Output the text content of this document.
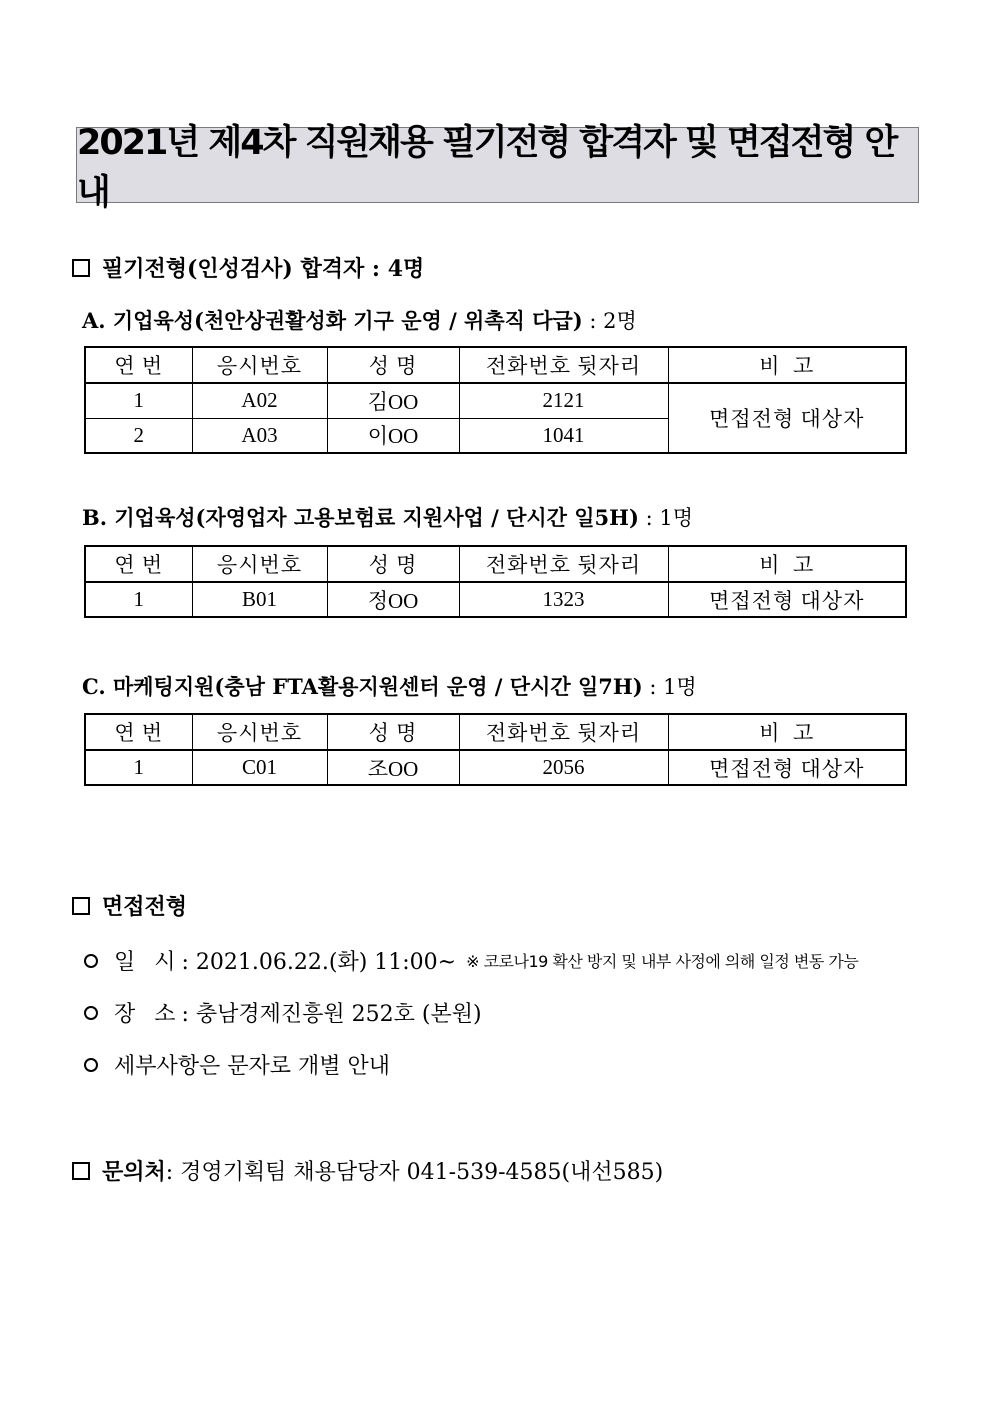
2021년 제4차 직원채용 필기전형 합격자 및 면접전형 안내
필기전형(인성검사) 합격자 : 4명
A. 기업육성(천안상권활성화 기구 운영 / 위촉직 다급) : 2명
연 번	응시번호	성 명	전화번호 뒷자리	비  고
1	A02	김OO	2121	면접전형 대상자
2	A03	이OO	1041	
B. 기업육성(자영업자 고용보험료 지원사업 / 단시간 일5H) : 1명
연 번	응시번호	성 명	전화번호 뒷자리	비  고
1	B01	정OO	1323	면접전형 대상자
C. 마케팅지원(충남 FTA활용지원센터 운영 / 단시간 일7H) : 1명
연 번	응시번호	성 명	전화번호 뒷자리	비  고
1	C01	조OO	2056	면접전형 대상자
면접전형
일 시 : 2021.06.22.(화) 11:00~ ※ 코로나19 확산 방지 및 내부 사정에 의해 일정 변동 가능
장 소 : 충남경제진흥원 252호 (본원)
세부사항은 문자로 개별 안내
문의처 : 경영기획팀 채용담당자 041-539-4585(내선585)
